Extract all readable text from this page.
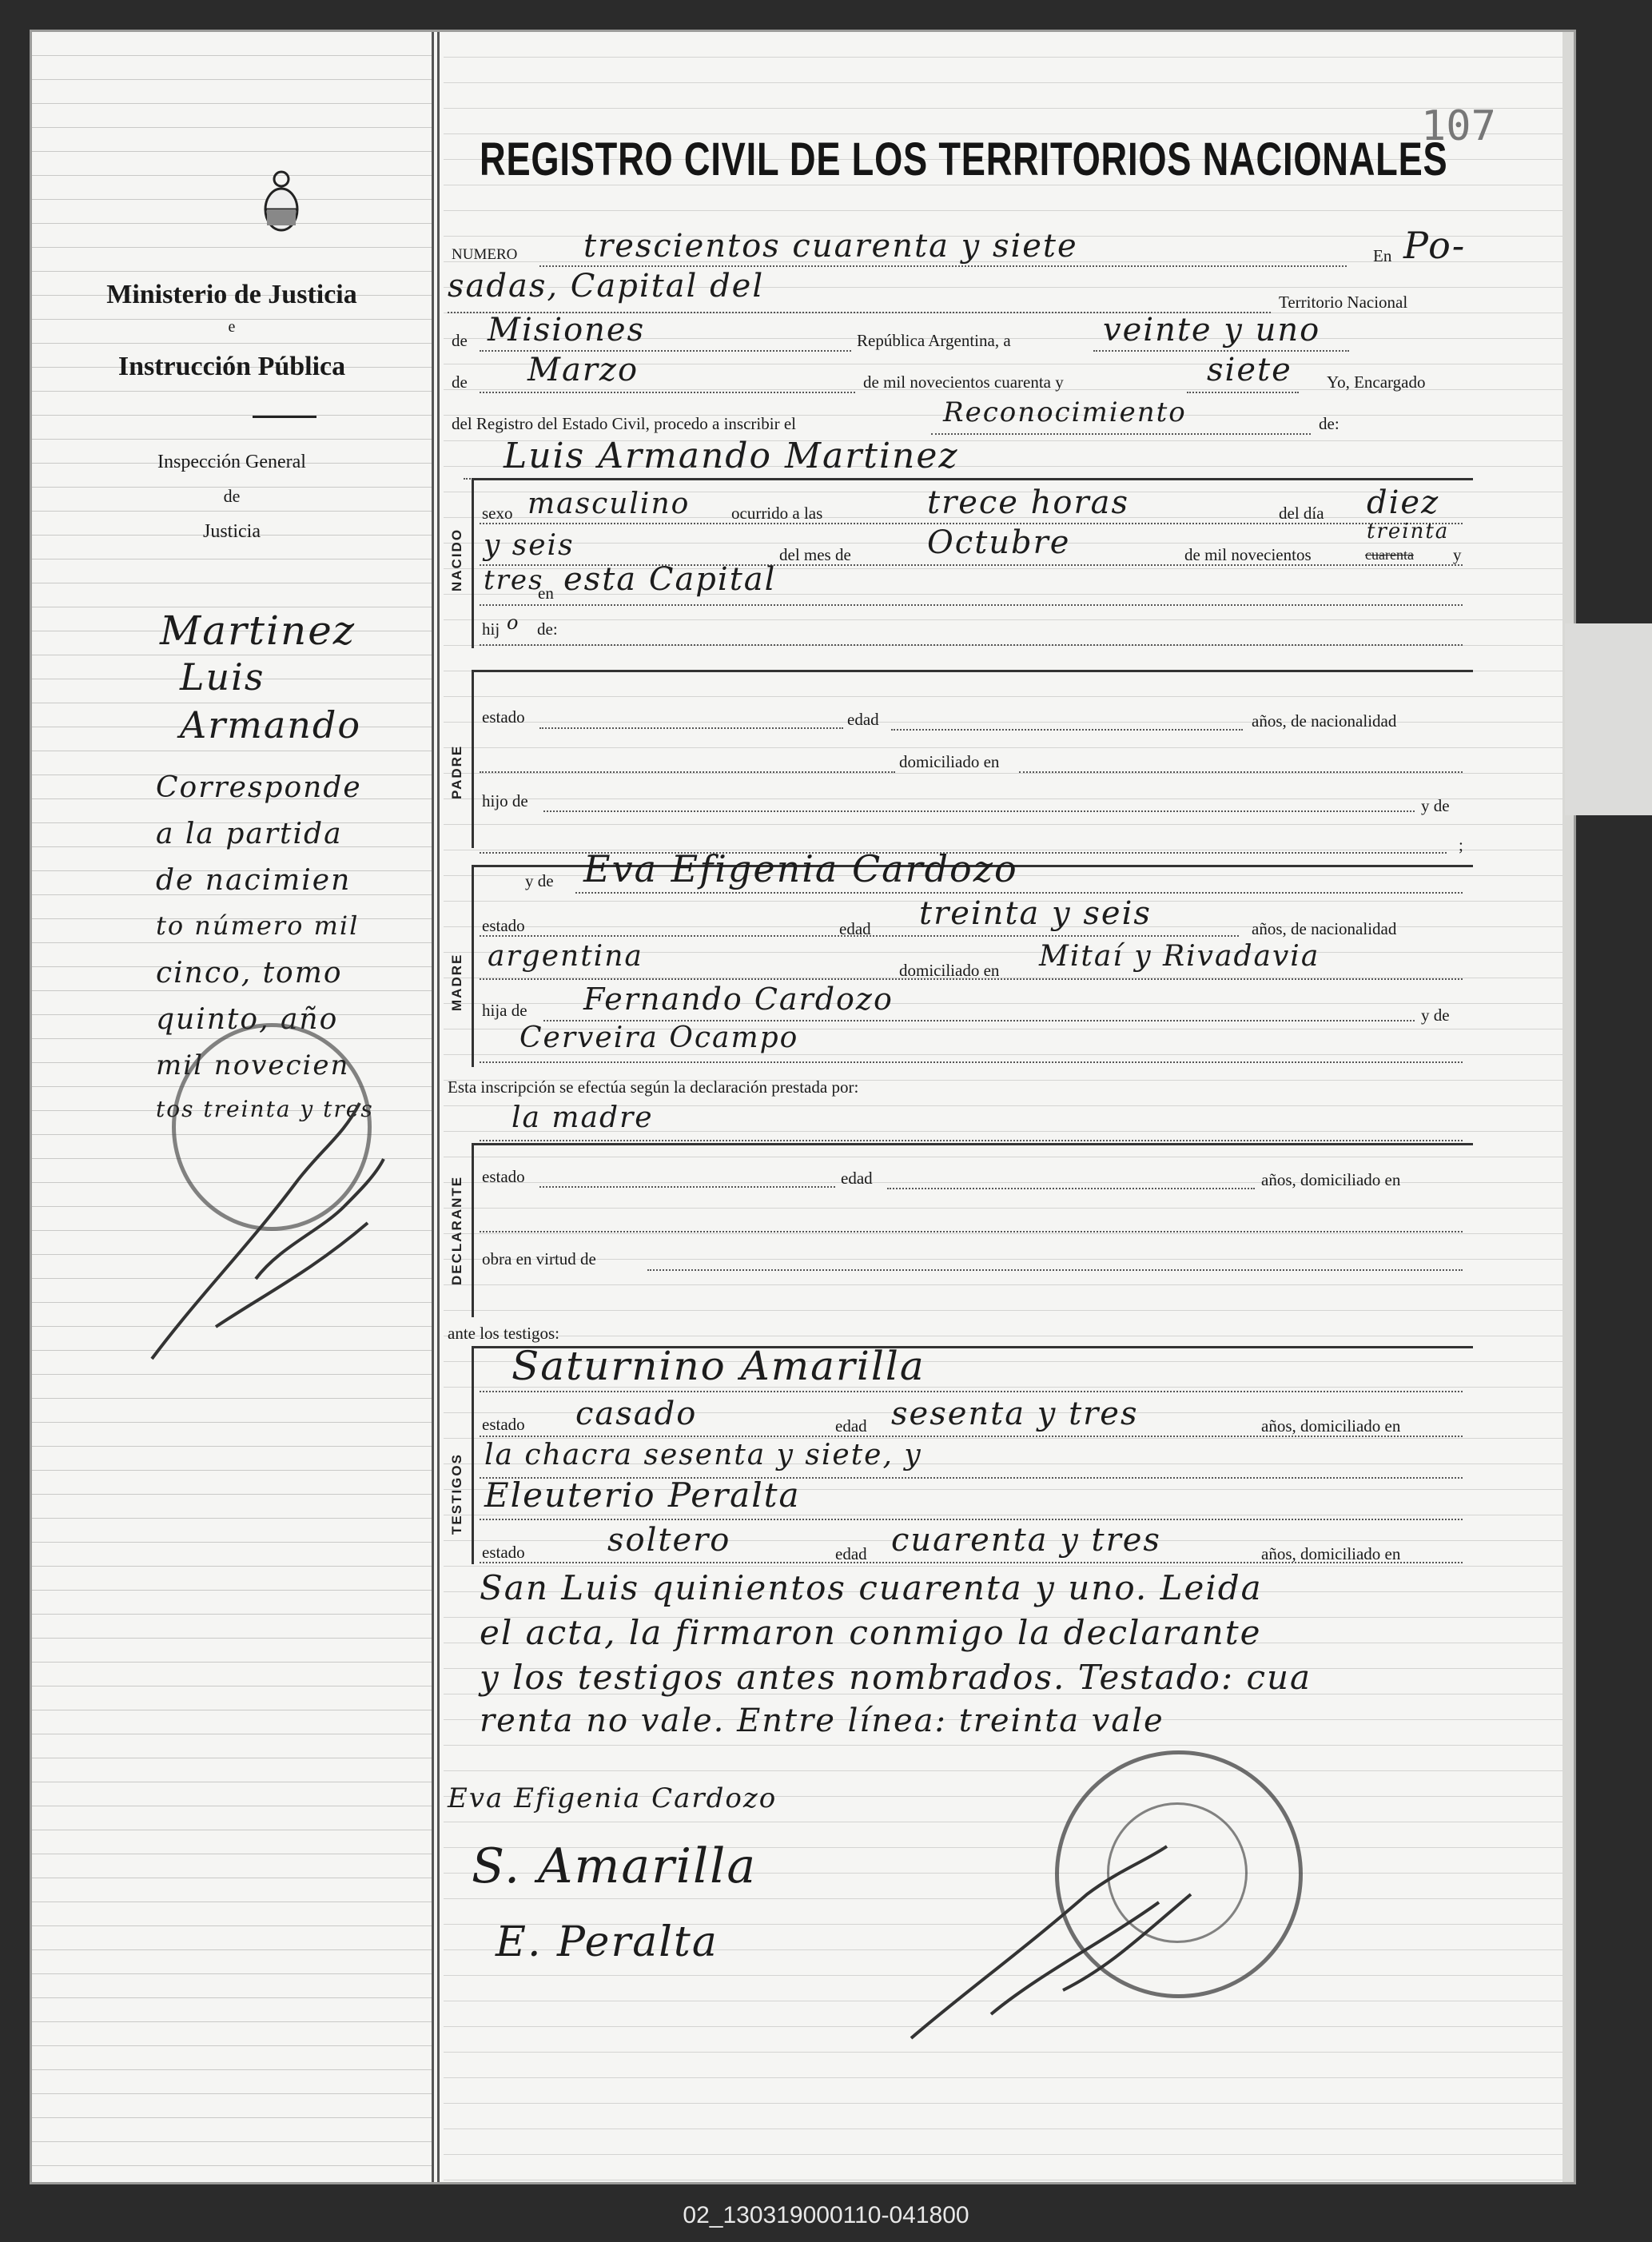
107
REGISTRO CIVIL DE LOS TERRITORIOS NACIONALES
Ministerio de Justicia
e
Instrucción Pública
Inspección General
de
Justicia
Martinez
Luis
Armando
Corresponde
a la partida
de nacimien
to número mil
cinco, tomo
quinto, año
mil novecien
tos treinta y tres
NUMERO trescientos cuarenta y siete	En Po-
sadas, Capital del	Territorio Nacional
de Misiones	República Argentina, a	veinte y uno
de Marzo	de mil novecientos cuarenta y	siete Yo, Encargado
del Registro del Estado Civil, procedo a inscribir el	Reconocimiento	de:
Luis Armando Martinez
NACIDO
sexo masculino ocurrido a las	trece horas	del día diez
y seis	del mes de Octubre	de mil novecientos
treinta
cuarenta y
tres
en esta Capital
hij o de:
PADRE
estado	edad	años, de nacionalidad
domiciliado en
hijo de	y de
;
MADRE
y de Eva Efigenia Cardozo
estado	edad treinta y seis	años, de nacionalidad
argentina	domiciliado en Mitaí y Rivadavia
hija de Fernando Cardozo	y de
Cerveira Ocampo
Esta inscripción se efectúa según la declaración prestada por:
la madre
DECLARANTE estado	edad	años, domiciliado en
obra en virtud de
ante los testigos:
TESTIGOS
Saturnino Amarilla
estado casado	edad sesenta y tres	años, domiciliado en
la chacra sesenta y siete, y
Eleuterio Peralta
estado	soltero	edad cuarenta y tres	años, domiciliado en
San Luis quinientos cuarenta y uno. Leida
el acta, la firmaron conmigo la declarante
y los testigos antes nombrados. Testado: cua
renta no vale. Entre línea: treinta vale
Eva Efigenia Cardozo
S. Amarilla
E. Peralta
02_130319000110-041800
